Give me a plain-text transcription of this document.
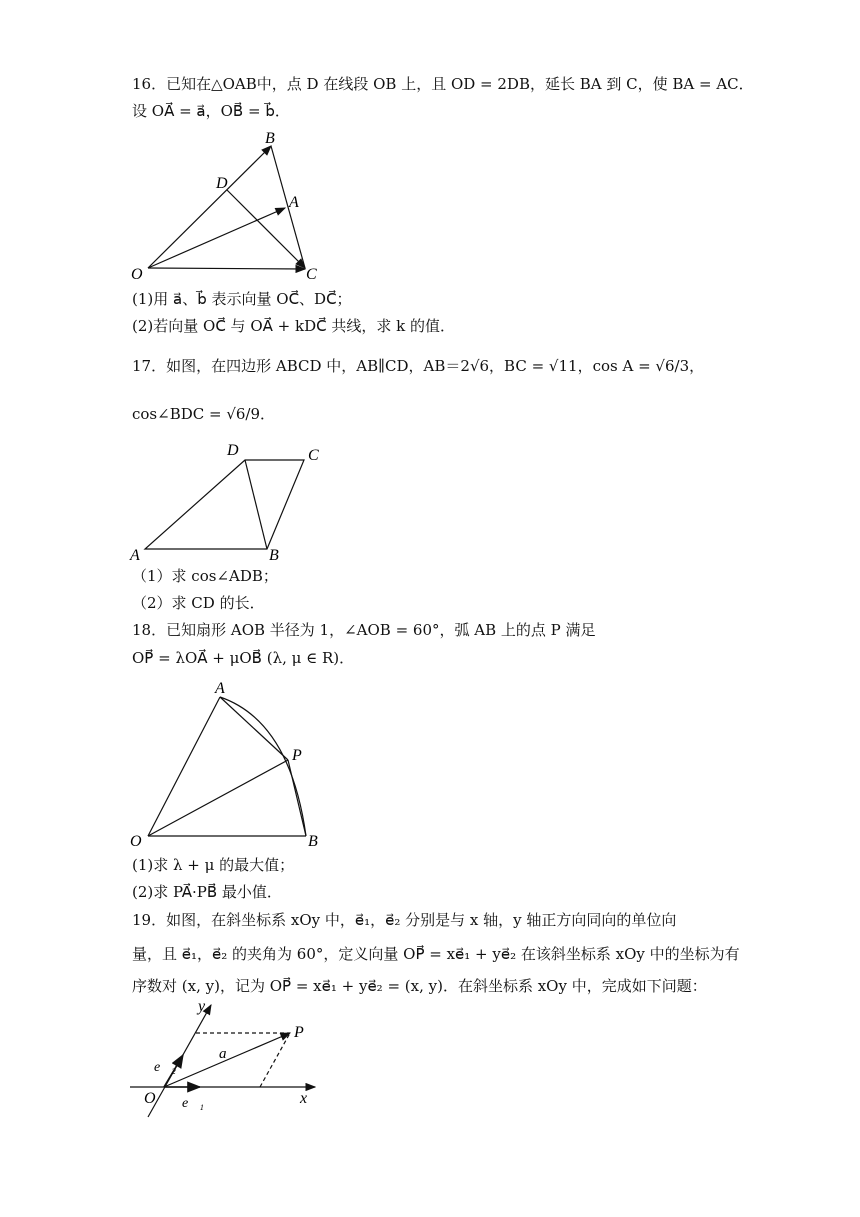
16．已知在△OAB中，点 D 在线段 OB 上，且 OD = 2DB，延长 BA 到 C，使 BA = AC．
设 OA⃗ = a⃗，OB⃗ = b⃗．
B
D
A
O	C
(1)用 a⃗、b⃗ 表示向量 OC⃗、DC⃗；
(2)若向量 OC⃗ 与 OA⃗ + kDC⃗ 共线，求 k 的值．
17．如图，在四边形 ABCD 中，AB∥CD，AB＝2√6，BC = √11，cos A = √6/3，
cos∠BDC = √6/9．
D	C
A	B
（1）求 cos∠ADB；
（2）求 CD 的长．
18．已知扇形 AOB 半径为 1，∠AOB = 60°，弧 AB 上的点 P 满足
OP⃗ = λOA⃗ + μOB⃗ (λ, μ ∈ R)．
A
P
O	B
(1)求 λ + μ 的最大值；
(2)求 PA⃗·PB⃗ 最小值．
19．如图，在斜坐标系 xOy 中，e⃗₁，e⃗₂ 分别是与 x 轴，y 轴正方向同向的单位向
量，且 e⃗₁，e⃗₂ 的夹角为 60°，定义向量 OP⃗ = xe⃗₁ + ye⃗₂ 在该斜坐标系 xOy 中的坐标为有
序数对 (x, y)，记为 OP⃗ = xe⃗₁ + ye⃗₂ = (x, y)．在斜坐标系 xOy 中，完成如下问题：
y
P
a⃗
e⃗₂
O e⃗₁	x
